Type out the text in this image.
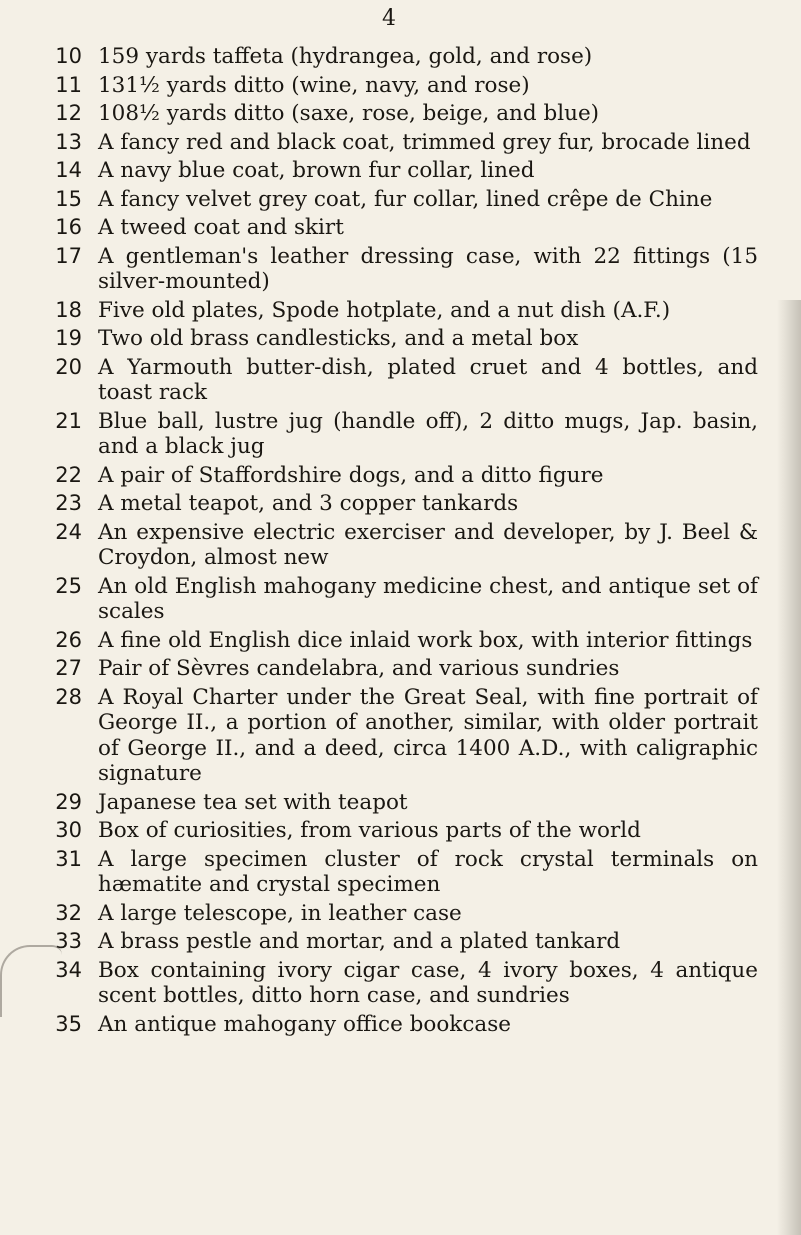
4
10 159 yards taffeta (hydrangea, gold, and rose)
11 131½ yards ditto (wine, navy, and rose)
12 108½ yards ditto (saxe, rose, beige, and blue)
13 A fancy red and black coat, trimmed grey fur, brocade lined
14 A navy blue coat, brown fur collar, lined
15 A fancy velvet grey coat, fur collar, lined crêpe de Chine
16 A tweed coat and skirt
17 A gentleman's leather dressing case, with 22 fittings (15 silver-mounted)
18 Five old plates, Spode hotplate, and a nut dish (A.F.)
19 Two old brass candlesticks, and a metal box
20 A Yarmouth butter-dish, plated cruet and 4 bottles, and toast rack
21 Blue ball, lustre jug (handle off), 2 ditto mugs, Jap. basin, and a black jug
22 A pair of Staffordshire dogs, and a ditto figure
23 A metal teapot, and 3 copper tankards
24 An expensive electric exerciser and developer, by J. Beel & Croydon, almost new
25 An old English mahogany medicine chest, and antique set of scales
26 A fine old English dice inlaid work box, with interior fittings
27 Pair of Sèvres candelabra, and various sundries
28 A Royal Charter under the Great Seal, with fine portrait of George II., a portion of another, similar, with older portrait of George II., and a deed, circa 1400 A.D., with caligraphic signature
29 Japanese tea set with teapot
30 Box of curiosities, from various parts of the world
31 A large specimen cluster of rock crystal terminals on hæmatite and crystal specimen
32 A large telescope, in leather case
33 A brass pestle and mortar, and a plated tankard
34 Box containing ivory cigar case, 4 ivory boxes, 4 antique scent bottles, ditto horn case, and sundries
35 An antique mahogany office bookcase
